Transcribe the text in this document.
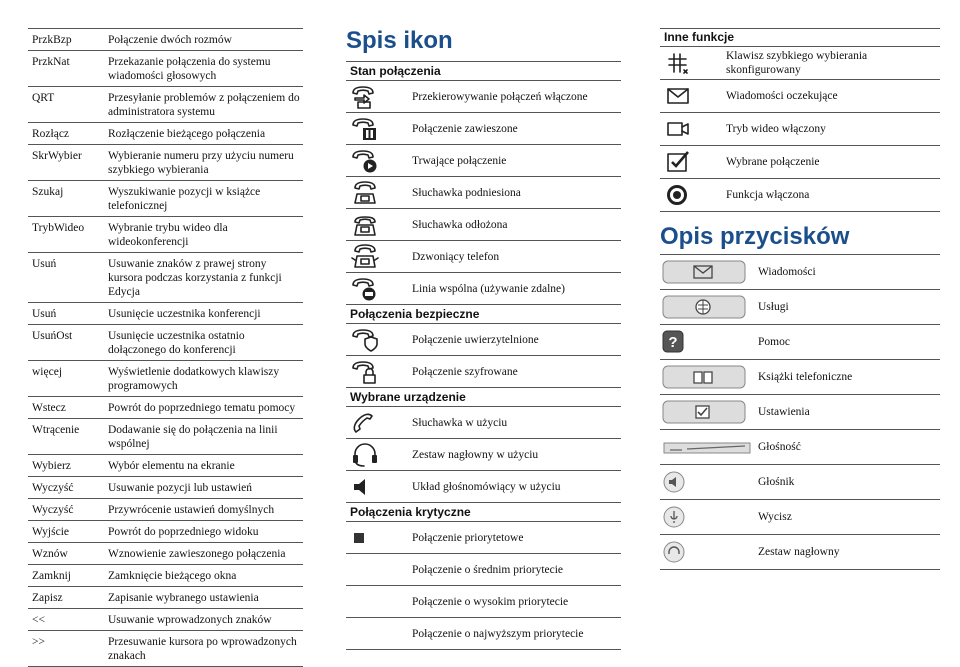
PrzkBzp	Połączenie dwóch rozmów
PrzkNat	Przekazanie połączenia do systemu wiadomości głosowych
QRT	Przesyłanie problemów z połączeniem do administratora systemu
Rozłącz	Rozłączenie bieżącego połączenia
SkrWybier	Wybieranie numeru przy użyciu numeru szybkiego wybierania
Szukaj	Wyszukiwanie pozycji w książce telefonicznej
TrybWideo	Wybranie trybu wideo dla wideokonferencji
Usuń	Usuwanie znaków z prawej strony kursora podczas korzystania z funkcji Edycja
Usuń	Usunięcie uczestnika konferencji
UsuńOst	Usunięcie uczestnika ostatnio dołączonego do konferencji
więcej	Wyświetlenie dodatkowych klawiszy programowych
Wstecz	Powrót do poprzedniego tematu pomocy
Wtrącenie	Dodawanie się do połączenia na linii wspólnej
Wybierz	Wybór elementu na ekranie
Wyczyść	Usuwanie pozycji lub ustawień
Wyczyść	Przywrócenie ustawień domyślnych
Wyjście	Powrót do poprzedniego widoku
Wznów	Wznowienie zawieszonego połączenia
Zamknij	Zamknięcie bieżącego okna
Zapisz	Zapisanie wybranego ustawienia
<<	Usuwanie wprowadzonych znaków
>>	Przesuwanie kursora po wprowadzonych znakach
Spis ikon
Stan połączenia
Przekierowywanie połączeń włączone
Połączenie zawieszone
Trwające połączenie
Słuchawka podniesiona
Słuchawka odłożona
Dzwoniący telefon
Linia wspólna (używanie zdalne)
Połączenia bezpieczne
Połączenie uwierzytelnione
Połączenie szyfrowane
Wybrane urządzenie
Słuchawka w użyciu
Zestaw nagłowny w użyciu
Układ głośnomówiący w użyciu
Połączenia krytyczne
Połączenie priorytetowe
Połączenie o średnim priorytecie
Połączenie o wysokim priorytecie
Połączenie o najwyższym priorytecie
Inne funkcje
Klawisz szybkiego wybierania skonfigurowany
Wiadomości oczekujące
Tryb wideo włączony
Wybrane połączenie
Funkcja włączona
Opis przycisków
Wiadomości
Usługi
?	Pomoc
Książki telefoniczne
Ustawienia
Głośność
Głośnik
Wycisz
Zestaw nagłowny
